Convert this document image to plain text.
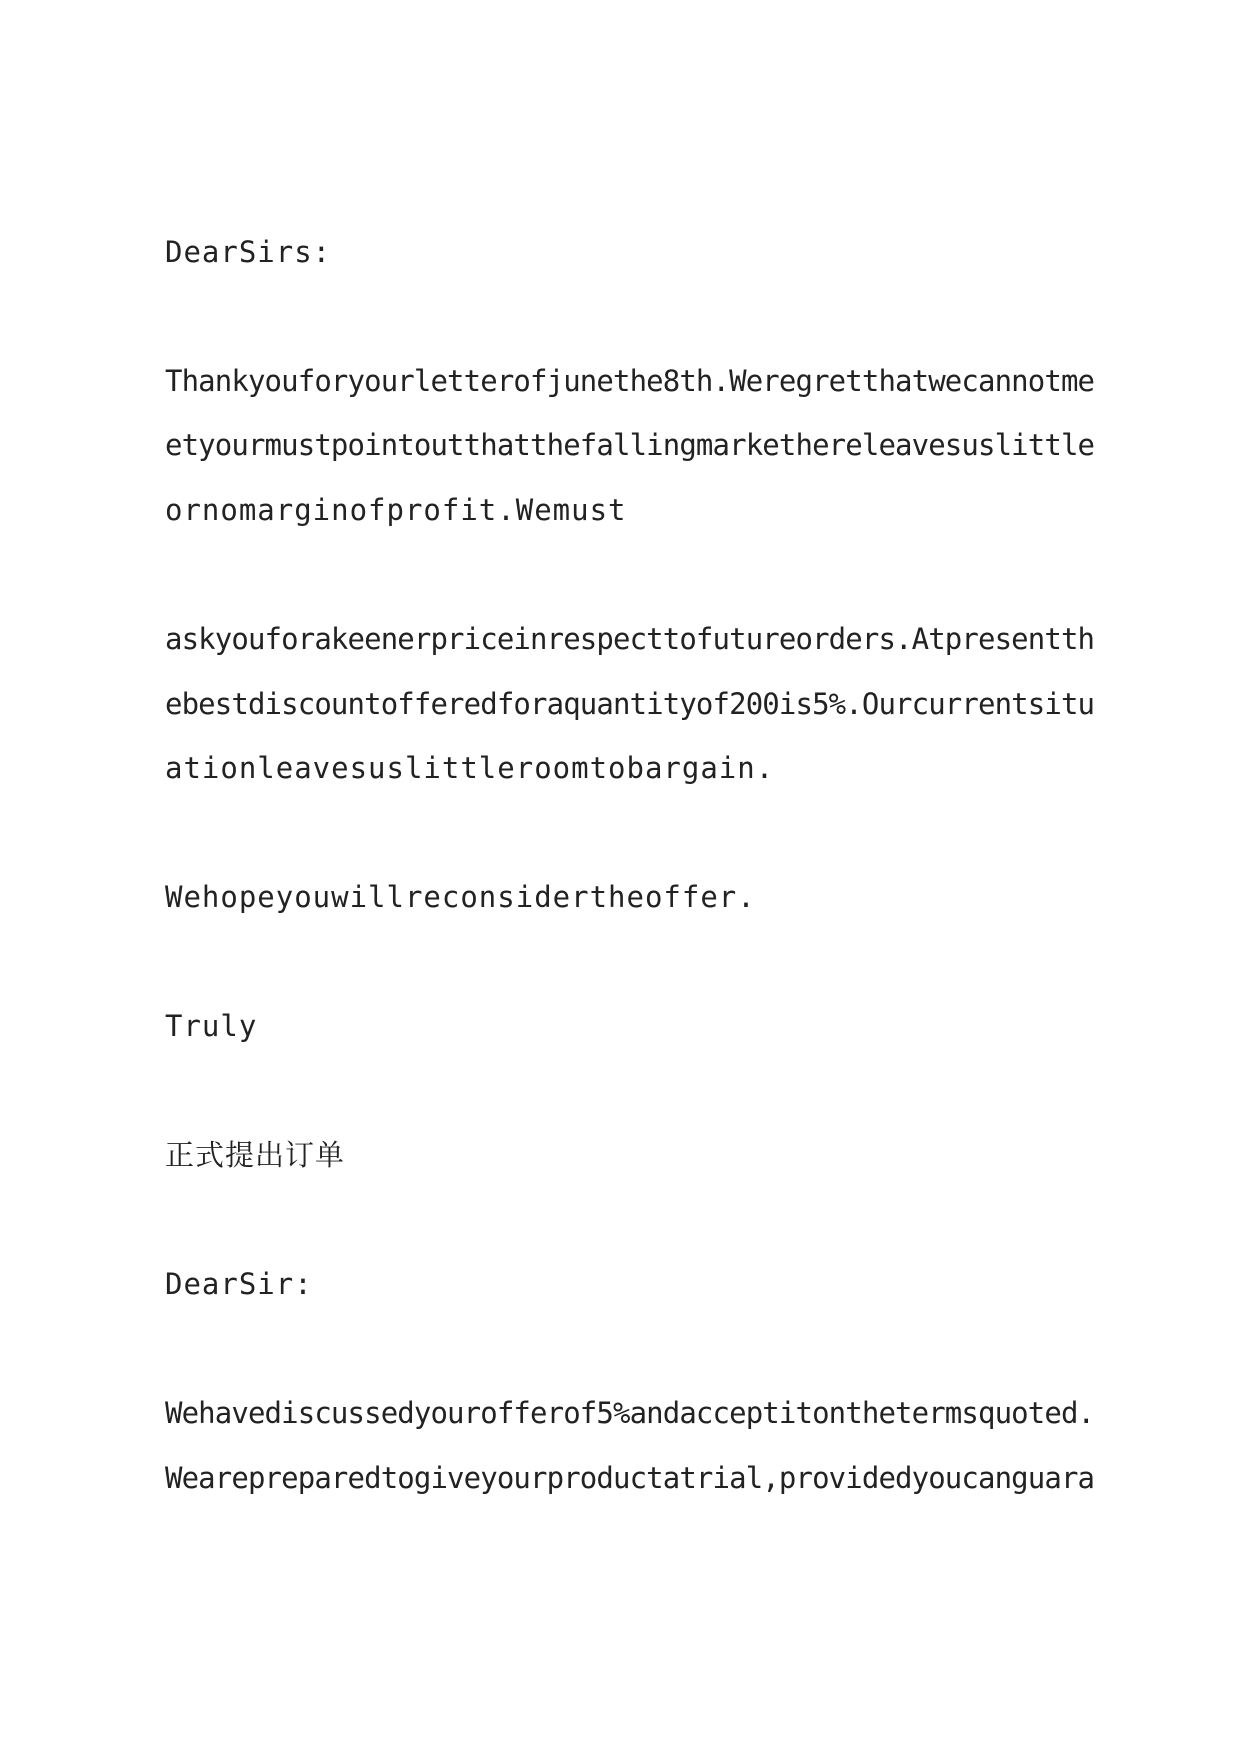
DearSirs:

Thankyouforyourletterofjunethe8th.Weregretthatwecannotme

etyourmustpointoutthatthefallingmarkethereleavesuslittle

ornomarginofprofit.Wemust

askyouforakeenerpriceinrespecttofutureorders.Atpresentth

ebestdiscountofferedforaquantityof200is5%.Ourcurrentsitu

ationleavesuslittleroomtobargain.

Wehopeyouwillreconsidertheoffer.

Truly

正式提出订单

DearSir:

Wehavediscussedyourofferof5%andacceptitonthetermsquoted.

Wearepreparedtogiveyourproductatrial,providedyoucanguara
